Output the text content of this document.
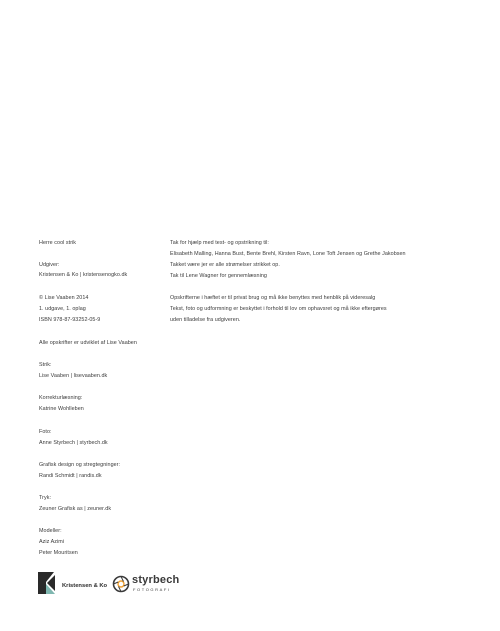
Herre cool strik
Udgiver:
Kristensen & Ko | kristensenogko.dk
© Lise Vaaben 2014
1. udgave, 1. oplag
ISBN 978-87-93252-05-9
Alle opskrifter er udviklet af Lise Vaaben
Strik:
Lise Vaaben | lisevaaben.dk
Korrekturlæsning:
Katrine Wohlleben
Foto:
Anne Styrbech | styrbech.dk
Grafisk design og stregtegninger:
Randi Schmidt | randis.dk
Tryk:
Zeuner Grafisk as | zeuner.dk
Modeller:
Aziz Azimi
Peter Mouritsen
Tak for hjælp med test- og opstrikning til:
Elisabeth Malling, Hanna Bust, Bente Brehl, Kirsten Ravn, Lone Toft Jensen og Grethe Jakobsen
Takket være jer er alle strømelser strikket op.
Tak til Lene Wagner for gennemlæsning
Opskrifterne i hæftet er til privat brug og må ikke benyttes med henblik på videresalg
Tekst, foto og udformning er beskyttet i forhold til lov om ophavsret og må ikke eftergøres
uden tilladelse fra udgiveren.
Kristensen & Ko styrbech
FOTOGRAFI
